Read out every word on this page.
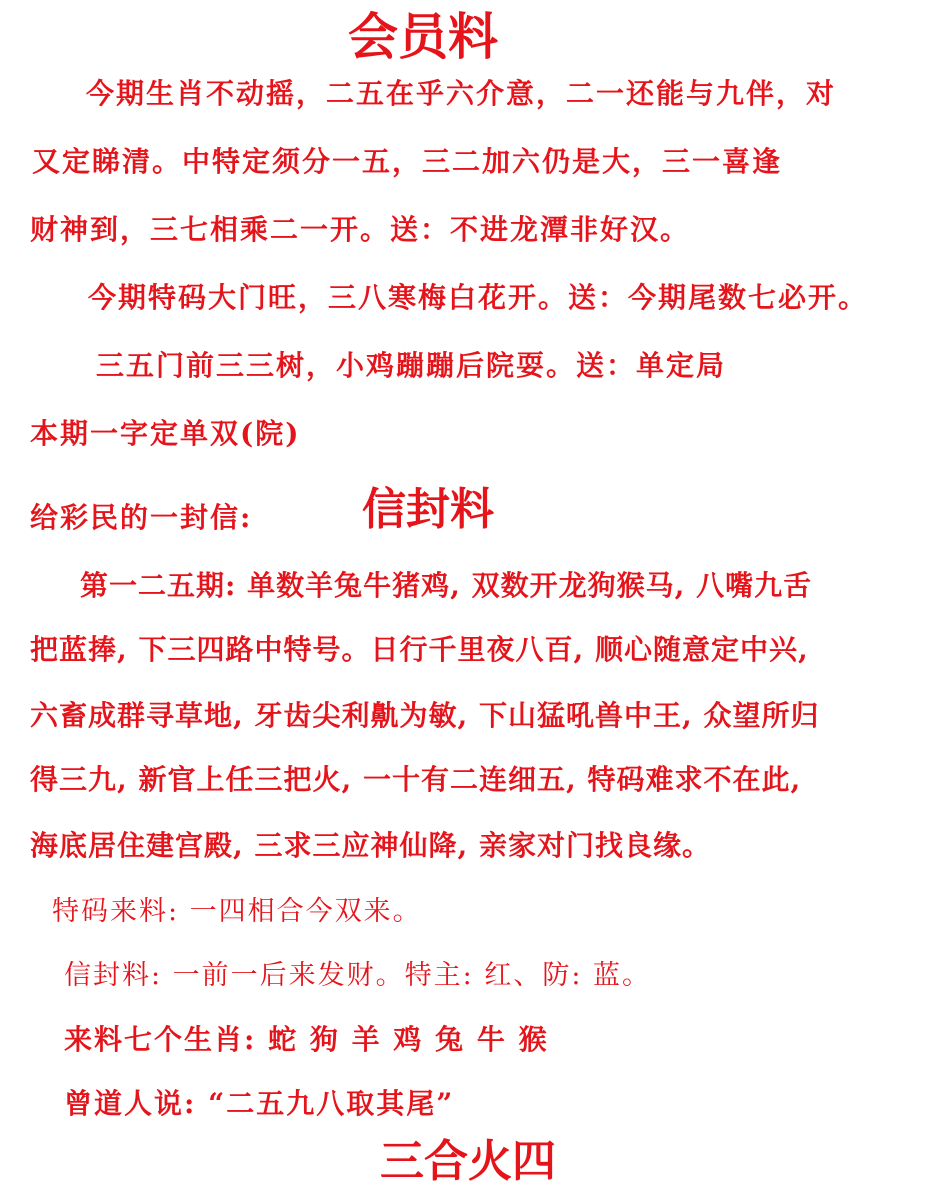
会员料
今期生肖不动摇，二五在乎六介意，二一还能与九伴，对
又定睇清。中特定须分一五，三二加六仍是大，三一喜逢
财神到，三七相乘二一开。送：不进龙潭非好汉。
今期特码大门旺，三八寒梅白花开。送：今期尾数七必开。
三五门前三三树，小鸡蹦蹦后院耍。送：单定局
本期一字定单双(院)
给彩民的一封信: 信封料
第一二五期: 单数羊兔牛猪鸡, 双数开龙狗猴马, 八嘴九舌
把蓝捧, 下三四路中特号。日行千里夜八百, 顺心随意定中兴,
六畜成群寻草地, 牙齿尖利鼽为敏, 下山猛吼兽中王, 众望所归
得三九, 新官上任三把火, 一十有二连细五, 特码难求不在此,
海底居住建宫殿, 三求三应神仙降, 亲家对门找良缘。
特码来料: 一四相合今双来。
信封料: 一前一后来发财。特主: 红、防: 蓝。
来料七个生肖: 蛇 狗 羊 鸡 兔 牛 猴
曾道人说: “二五九八取其尾”
三合火四
